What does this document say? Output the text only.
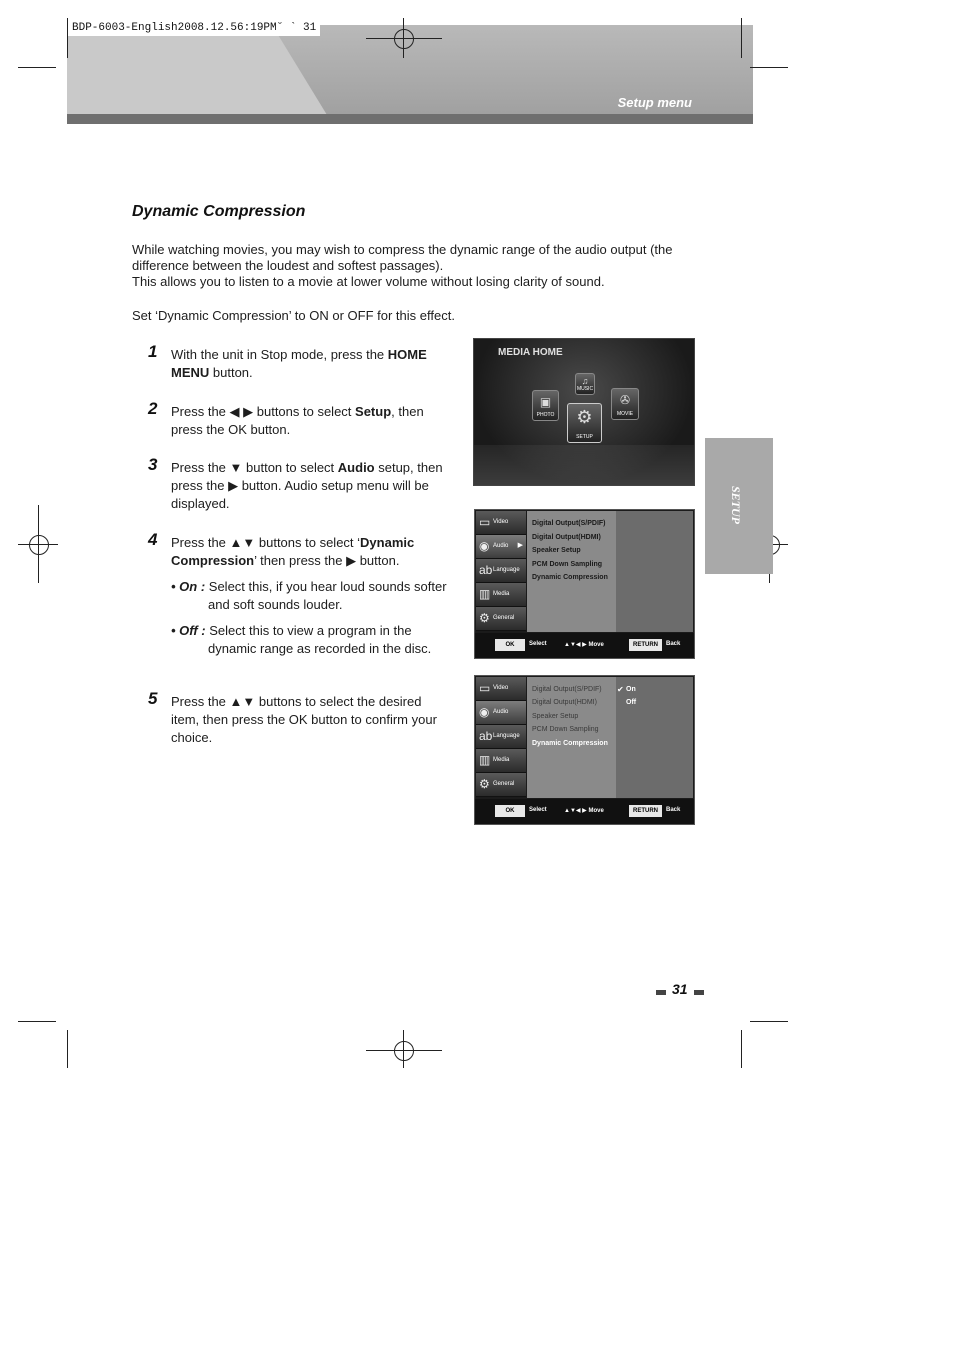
BDP-6003-English2008.12.56:19PM˘ ` 31
Setup menu
Dynamic Compression
While watching movies, you may wish to compress the dynamic range of the audio output (the
difference between the loudest and softest passages).
This allows you to listen to a movie at lower volume without losing clarity of sound.
Set ‘Dynamic Compression’ to ON or OFF for this effect.
1 With the unit in Stop mode, press the HOME MENU button.
2 Press the ◀ ▶ buttons to select Setup, then press the OK button.
3 Press the ▼ button to select Audio setup, then press the ▶ button. Audio setup menu will be displayed.
4 Press the ▲▼ buttons to select ‘Dynamic Compression’ then press the ▶ button.
• On : Select this, if you hear loud sounds softer
and soft sounds louder.
• Off : Select this to view a program in the
dynamic range as recorded in the disc.
5 Press the ▲▼ buttons to select the desired item, then press the OK button to confirm your choice.
SETUP
MEDIA HOME
♫
MUSIC
▣
PHOTO
✇
MOVIE
⚙
SETUP
▭ Video
◉ Audio ▶
ab Language
▥ Media
⚙ General
Digital Output(S/PDIF)
Digital Output(HDMI)
Speaker Setup
PCM Down Sampling
Dynamic Compression
OK	Select	▲▼◀ ▶ Move	RETURN	Back
▭ Video
◉ Audio
ab Language
▥ Media
⚙ General
Digital Output(S/PDIF)
Digital Output(HDMI)
Speaker Setup
PCM Down Sampling
Dynamic Compression
✔ On
Off
OK	Select	▲▼◀ ▶ Move	RETURN	Back
31
